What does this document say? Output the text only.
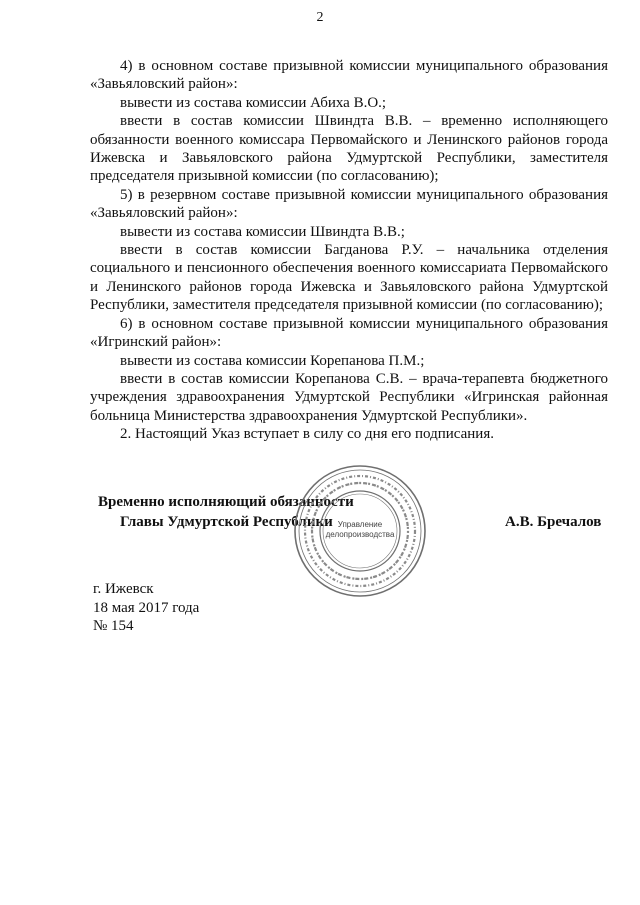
2

4) в основном составе призывной комиссии муниципального образования «Завьяловский район»:

вывести из состава комиссии Абиха В.О.;

ввести в состав комиссии Швиндта В.В. – временно исполняющего обязанности военного комиссара Первомайского и Ленинского районов города Ижевска и Завьяловского района Удмуртской Республики, заместителя председателя призывной комиссии (по согласованию);

5) в резервном составе призывной комиссии муниципального образования «Завьяловский район»:

вывести из состава комиссии Швиндта В.В.;

ввести в состав комиссии Багданова Р.У. – начальника отделения социального и пенсионного обеспечения военного комиссариата Первомайского и Ленинского районов города Ижевска и Завьяловского района Удмуртской Республики, заместителя председателя призывной комиссии (по согласованию);

6) в основном составе призывной комиссии муниципального образования «Игринский район»:

вывести из состава комиссии Корепанова П.М.;

ввести в состав комиссии Корепанова С.В. – врача-терапевта бюджетного учреждения здравоохранения Удмуртской Республики «Игринская районная больница Министерства здравоохранения Удмуртской Республики».

2. Настоящий Указ вступает в силу со дня его подписания.

Временно исполняющий обязанности
Главы Удмуртской Республики	А.В. Бречалов
Управление
делопроизводства
г. Ижевск
18 мая 2017 года
№ 154
